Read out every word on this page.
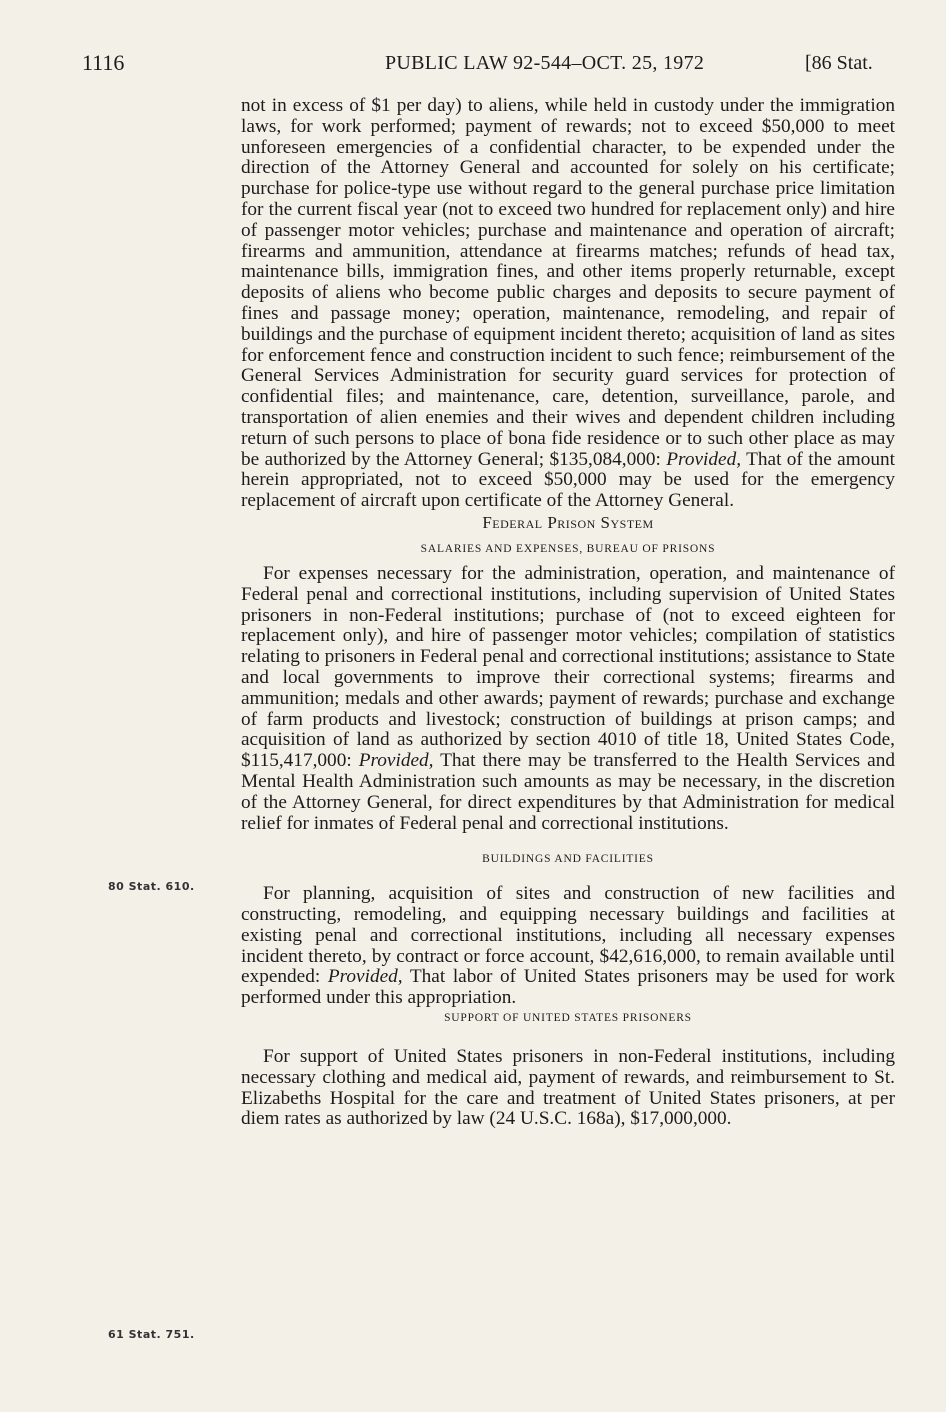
1116	PUBLIC LAW 92-544–OCT. 25, 1972	[86 Stat.

not in excess of $1 per day) to aliens, while held in custody under the immigration laws, for work performed; payment of rewards; not to exceed $50,000 to meet unforeseen emergencies of a confidential character, to be expended under the direction of the Attorney General and accounted for solely on his certificate; purchase for police-type use without regard to the general purchase price limitation for the current fiscal year (not to exceed two hundred for replacement only) and hire of passenger motor vehicles; purchase and maintenance and operation of aircraft; firearms and ammunition, attendance at firearms matches; refunds of head tax, maintenance bills, immigration fines, and other items properly returnable, except deposits of aliens who become public charges and deposits to secure payment of fines and passage money; operation, maintenance, remodeling, and repair of buildings and the purchase of equipment incident thereto; acquisition of land as sites for enforcement fence and construction incident to such fence; reimbursement of the General Services Administration for security guard services for protection of confidential files; and maintenance, care, detention, surveillance, parole, and transportation of alien enemies and their wives and dependent children including return of such persons to place of bona fide residence or to such other place as may be authorized by the Attorney General; $135,084,000: Provided, That of the amount herein appropriated, not to exceed $50,000 may be used for the emergency replacement of aircraft upon certificate of the Attorney General.

Federal Prison System

SALARIES AND EXPENSES, BUREAU OF PRISONS

For expenses necessary for the administration, operation, and maintenance of Federal penal and correctional institutions, including supervision of United States prisoners in non-Federal institutions; purchase of (not to exceed eighteen for replacement only), and hire of passenger motor vehicles; compilation of statistics relating to prisoners in Federal penal and correctional institutions; assistance to State and local governments to improve their correctional systems; firearms and ammunition; medals and other awards; payment of rewards; purchase and exchange of farm products and livestock; construction of buildings at prison camps; and acquisition of land as authorized by section 4010 of title 18, United States Code, $115,417,000: Provided, That there may be transferred to the Health Services and Mental Health Administration such amounts as may be necessary, in the discretion of the Attorney General, for direct expenditures by that Administration for medical relief for inmates of Federal penal and correctional institutions.

BUILDINGS AND FACILITIES

For planning, acquisition of sites and construction of new facilities and constructing, remodeling, and equipping necessary buildings and facilities at existing penal and correctional institutions, including all necessary expenses incident thereto, by contract or force account, $42,616,000, to remain available until expended: Provided, That labor of United States prisoners may be used for work performed under this appropriation.

SUPPORT OF UNITED STATES PRISONERS

For support of United States prisoners in non-Federal institutions, including necessary clothing and medical aid, payment of rewards, and reimbursement to St. Elizabeths Hospital for the care and treatment of United States prisoners, at per diem rates as authorized by law (24 U.S.C. 168a), $17,000,000.

80 Stat. 610.
61 Stat. 751.
